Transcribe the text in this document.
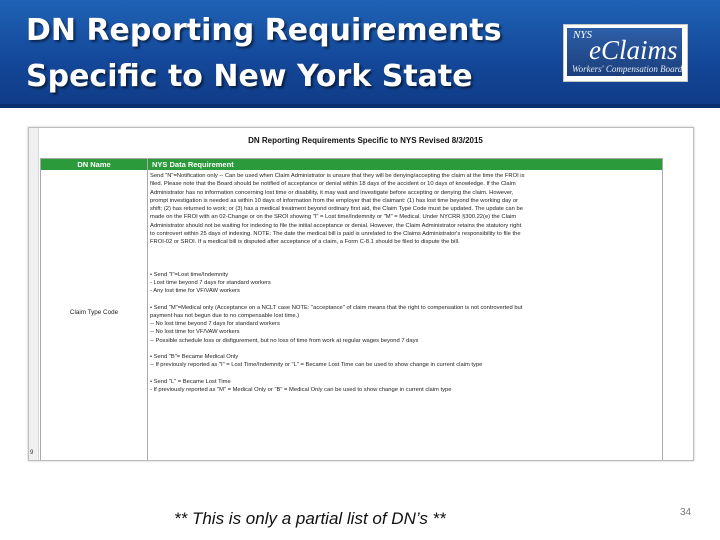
DN Reporting Requirements
Specific to New York State
NYS
eClaims
Workers' Compensation Board
9
DN Reporting Requirements Specific to NYS Revised 8/3/2015
DN Name	NYS Data Requirement
Claim Type Code

Send "N"=Notification only -- Can be used when Claim Administrator is unsure that they will be denying/accepting the claim at the time the FROI is

filed. Please note that the Board should be notified of acceptance or denial within 18 days of the accident or 10 days of knowledge. If the Claim

Administrator has no information concerning lost time or disability, it may wait and investigate before accepting or denying the claim. However,

prompt investigation is needed as within 10 days of information from the employer that the claimant: (1) has lost time beyond the working day or

shift; (2) has returned to work; or (3) has a medical treatment beyond ordinary first aid, the Claim Type Code must be updated. The update can be

made on the FROI with an 02-Change or on the SROI showing "I" = Lost time/Indemnity or "M" = Medical. Under NYCRR §300.22(e) the Claim

Administrator should not be waiting for indexing to file the initial acceptance or denial. However, the Claim Administrator retains the statutory right

to controvert within 25 days of indexing. NOTE: The date the medical bill is paid is unrelated to the Claims Administrator's responsibility to file the

FROI-02 or SROI. If a medical bill is disputed after acceptance of a claim, a Form C-8.1 should be filed to dispute the bill.

• Send "I"=Lost time/Indemnity

- Lost time beyond 7 days for standard workers

- Any lost time for VF/VAW workers

• Send "M"=Medical only (Acceptance on a NCLT case NOTE: "acceptance" of claim means that the right to compensation is not controverted but

payment has not begun due to no compensable lost time.)

-- No lost time beyond 7 days for standard workers

-- No lost time for VF/VAW workers

-- Possible schedule loss or disfigurement, but no loss of time from work at regular wages beyond 7 days

• Send "B"= Became Medical Only

-- If previously reported as "I" = Lost Time/Indemnity or "L" = Became Lost Time can be used to show change in current claim type

• Send "L" = Became Lost Time

- If previously reported as "M" = Medical Only or "B" = Medical Only can be used to show change in current claim type

** This is only a partial list of DN’s **	34
